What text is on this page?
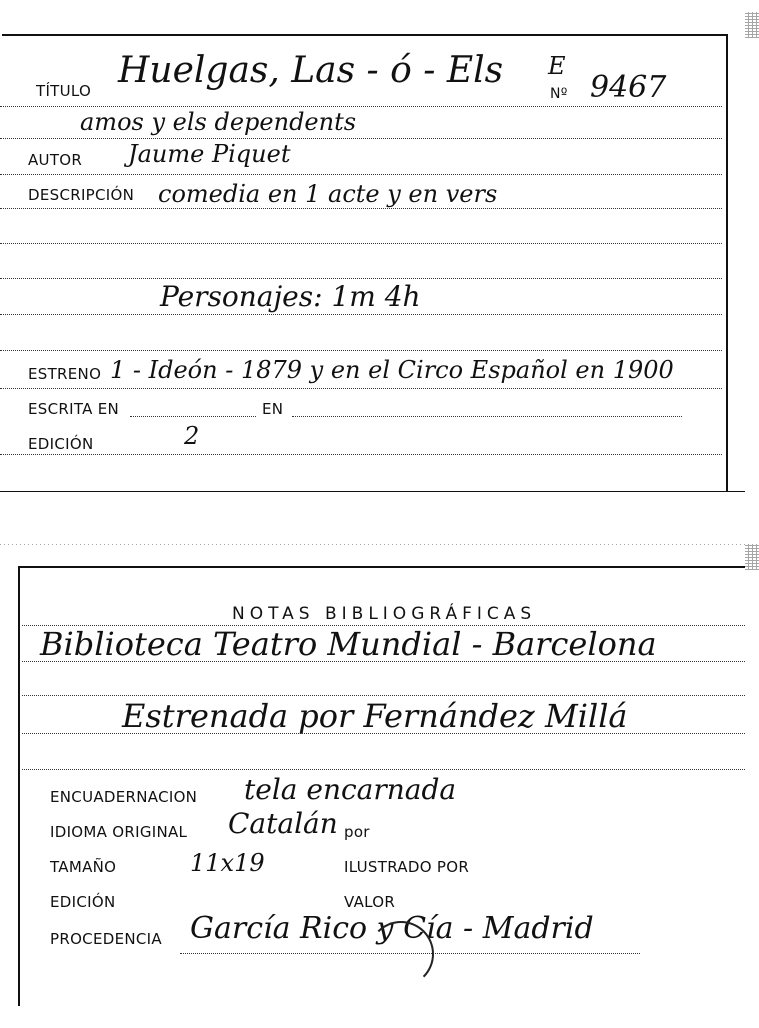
TÍTULO Huelgas, Las - ó - Els E
Nº 9467
amos y els dependents
AUTOR Jaume Piquet
DESCRIPCIÓN comedia en 1 acte y en vers
Personajes: 1m 4h
ESTRENO 1 - Ideón - 1879 y en el Circo Español en 1900
ESCRITA EN	EN
EDICIÓN	2
NOTAS BIBLIOGRÁFICAS
Biblioteca Teatro Mundial - Barcelona
Estrenada por Fernández Millá
ENCUADERNACION tela encarnada
IDIOMA ORIGINAL Catalán por
TAMAÑO	11x19	ILUSTRADO POR
EDICIÓN	VALOR
PROCEDENCIA García Rico y Cía - Madrid
